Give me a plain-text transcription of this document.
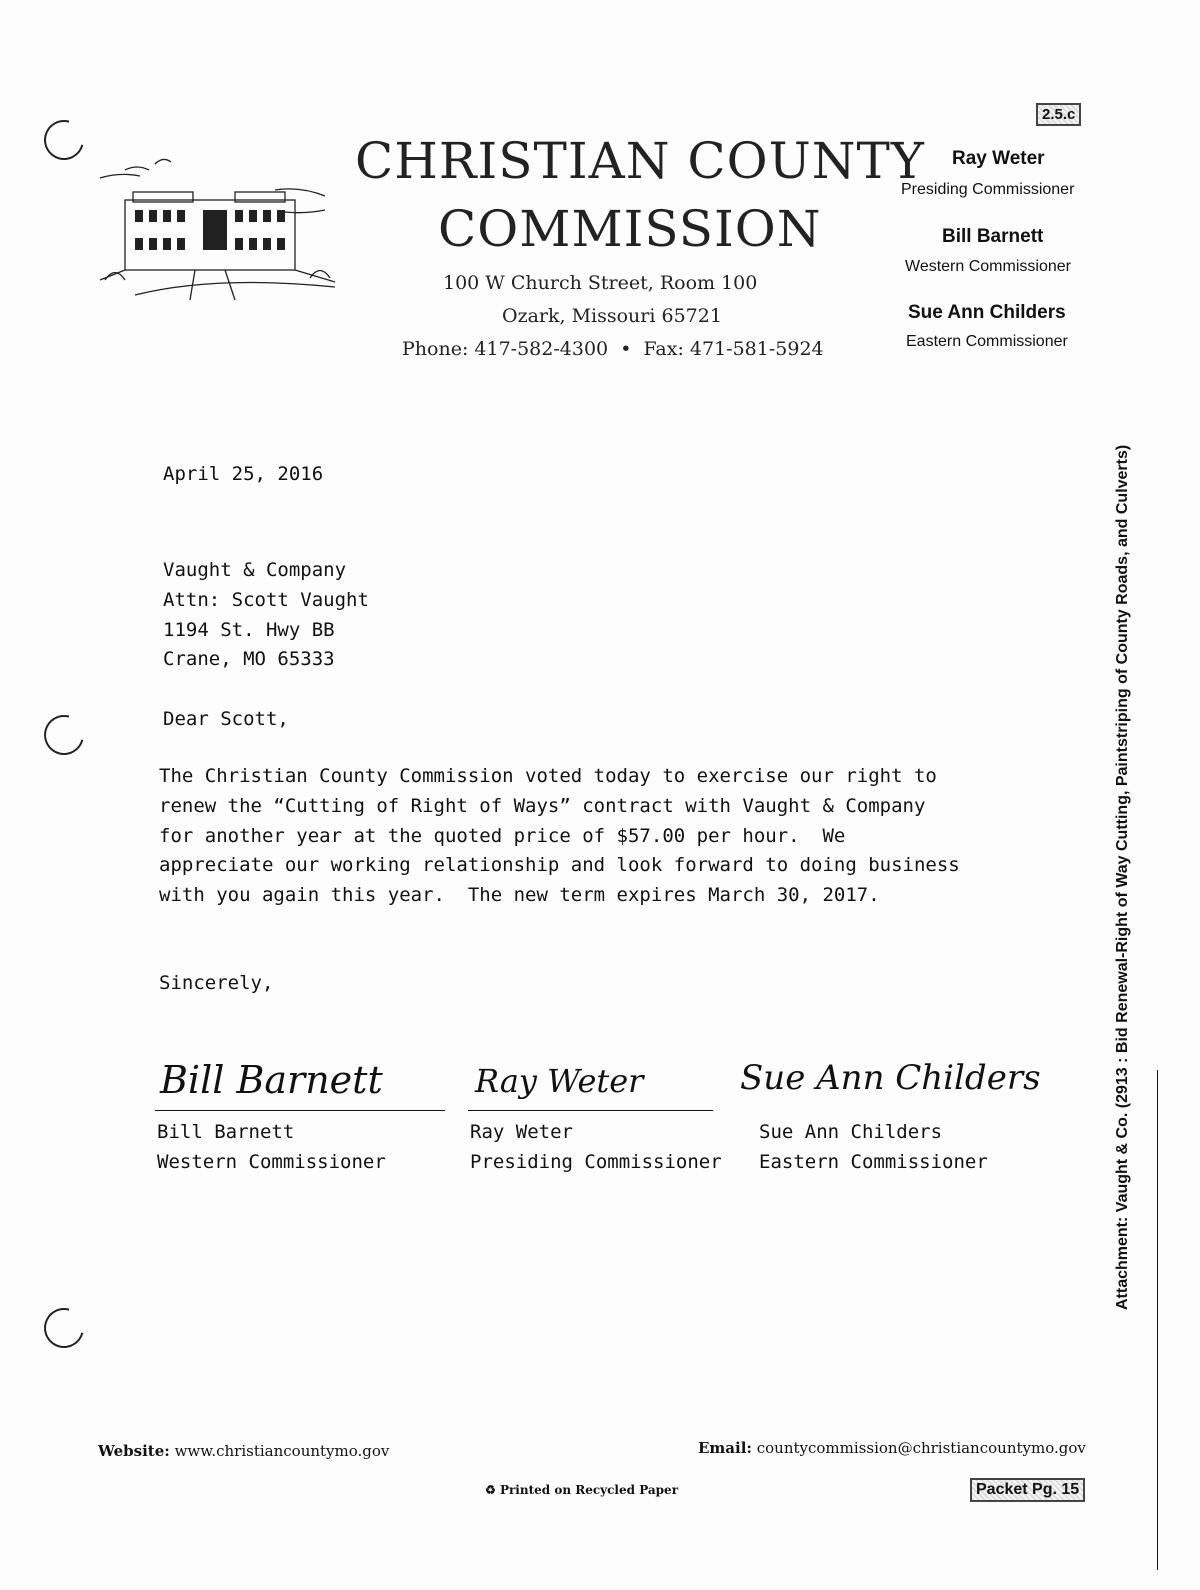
2.5.c
CHRISTIAN COUNTY
COMMISSION
100 W Church Street, Room 100
Ozark, Missouri 65721
Phone: 417-582-4300  •  Fax: 471-581-5924
Ray Weter
Presiding Commissioner
Bill Barnett
Western Commissioner
Sue Ann Childers
Eastern Commissioner
April 25, 2016
Vaught & Company
Attn: Scott Vaught
1194 St. Hwy BB
Crane, MO 65333
Dear Scott,
The Christian County Commission voted today to exercise our right to
renew the “Cutting of Right of Ways” contract with Vaught & Company
for another year at the quoted price of $57.00 per hour.  We
appreciate our working relationship and look forward to doing business
with you again this year.  The new term expires March 30, 2017.
Sincerely,
Bill Barnett	Ray Weter	Sue Ann Childers
Bill Barnett
Western Commissioner
Ray Weter
Presiding Commissioner
Sue Ann Childers
Eastern Commissioner	Attachment: Vaught & Co. (2913 : Bid Renewal-Right of Way Cutting, Paintstriping of County Roads, and Culverts)
Website: www.christiancountymo.gov	Email: countycommission@christiancountymo.gov
♻ Printed on Recycled Paper	Packet Pg. 15
